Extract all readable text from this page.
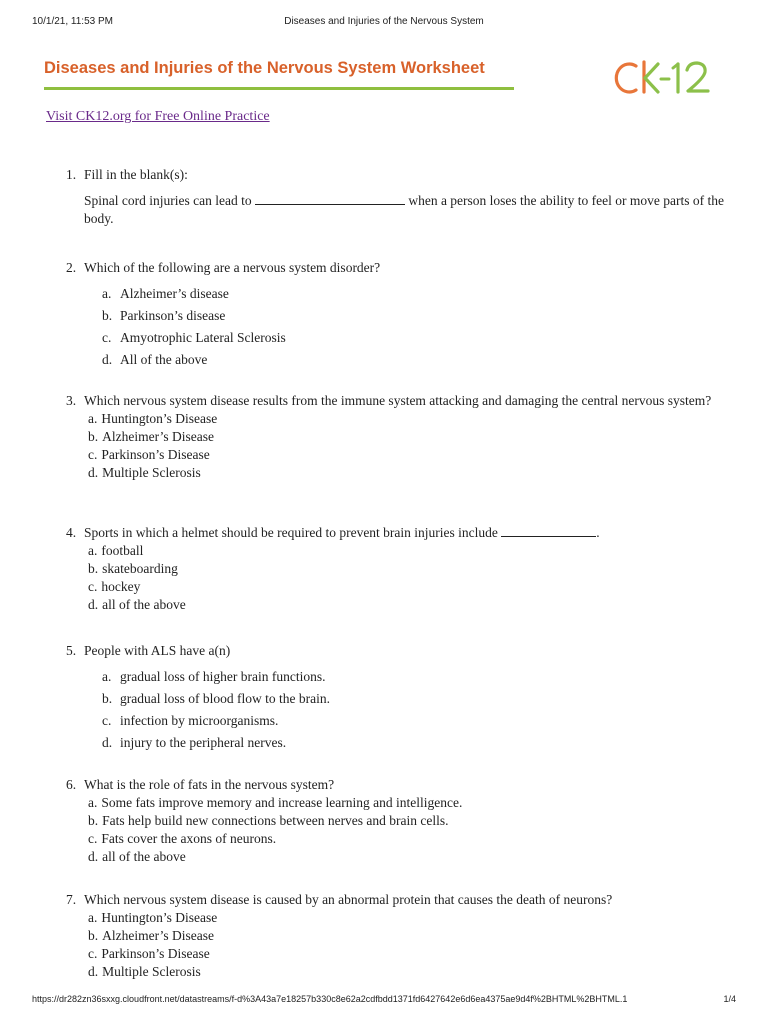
10/1/21, 11:53 PM	Diseases and Injuries of the Nervous System
Diseases and Injuries of the Nervous System Worksheet
Visit CK12.org for Free Online Practice
1. Fill in the blank(s):
Spinal cord injuries can lead to	when a person loses the ability to feel or move parts of the body.
2. Which of the following are a nervous system disorder?
a. Alzheimer’s disease
b. Parkinson’s disease
c. Amyotrophic Lateral Sclerosis
d. All of the above
3. Which nervous system disease results from the immune system attacking and damaging the central nervous system?
a. Huntington’s Disease
b. Alzheimer’s Disease
c. Parkinson’s Disease
d. Multiple Sclerosis
4. Sports in which a helmet should be required to prevent brain injuries include	.
a. football
b. skateboarding
c. hockey
d. all of the above
5. People with ALS have a(n)
a. gradual loss of higher brain functions.
b. gradual loss of blood flow to the brain.
c. infection by microorganisms.
d. injury to the peripheral nerves.
6. What is the role of fats in the nervous system?
a. Some fats improve memory and increase learning and intelligence.
b. Fats help build new connections between nerves and brain cells.
c. Fats cover the axons of neurons.
d. all of the above
7. Which nervous system disease is caused by an abnormal protein that causes the death of neurons?
a. Huntington’s Disease
b. Alzheimer’s Disease
c. Parkinson’s Disease
d. Multiple Sclerosis
https://dr282zn36sxxg.cloudfront.net/datastreams/f-d%3A43a7e18257b330c8e62a2cdfbdd1371fd6427642e6d6ea4375ae9d4f%2BHTML%2BHTML.1	1/4
